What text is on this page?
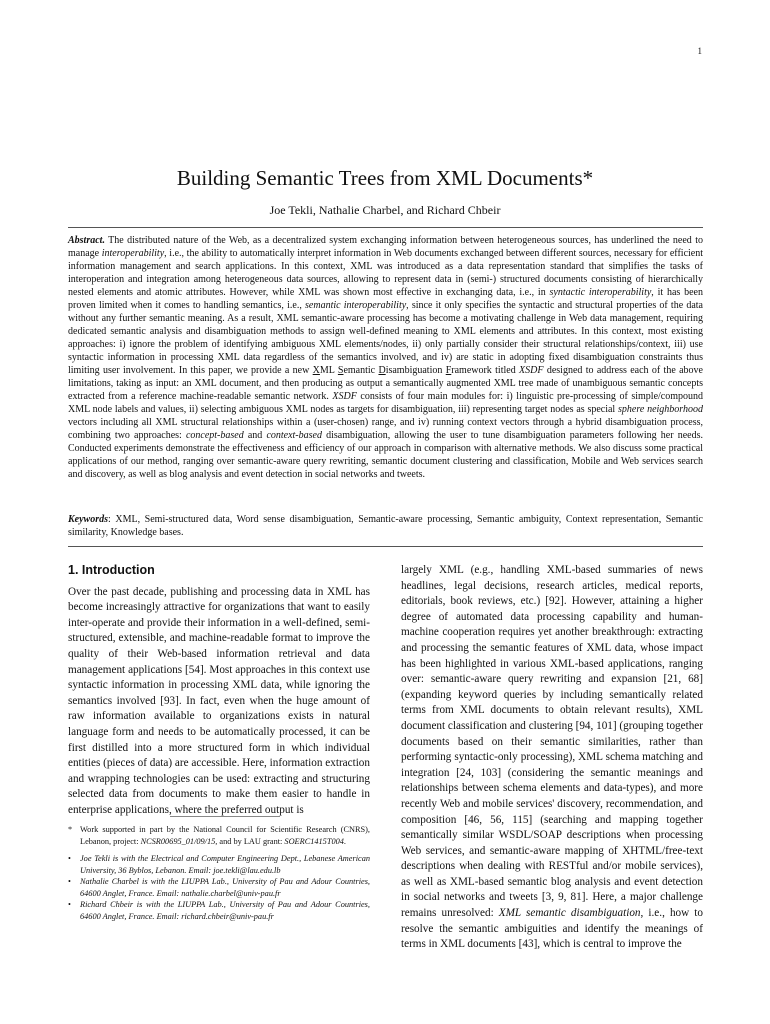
1
Building Semantic Trees from XML Documents*
Joe Tekli, Nathalie Charbel, and Richard Chbeir

Abstract. The distributed nature of the Web, as a decentralized system exchanging information between heterogeneous sources, has underlined the need to manage interoperability, i.e., the ability to automatically interpret information in Web documents exchanged between different sources, necessary for efficient information management and search applications. In this context, XML was introduced as a data representation standard that simplifies the tasks of interoperation and integration among heterogeneous data sources, allowing to represent data in (semi-) structured documents consisting of hierarchically nested elements and atomic attributes. However, while XML was shown most effective in exchanging data, i.e., in syntactic interoperability, it has been proven limited when it comes to handling semantics, i.e., semantic interoperability, since it only specifies the syntactic and structural properties of the data without any further semantic meaning. As a result, XML semantic-aware processing has become a motivating challenge in Web data management, requiring dedicated semantic analysis and disambiguation methods to assign well-defined meaning to XML elements and attributes. In this context, most existing approaches: i) ignore the problem of identifying ambiguous XML elements/nodes, ii) only partially consider their structural relationships/context, iii) use syntactic information in processing XML data regardless of the semantics involved, and iv) are static in adopting fixed disambiguation constraints thus limiting user involvement. In this paper, we provide a new XML Semantic Disambiguation Framework titled XSDF designed to address each of the above limitations, taking as input: an XML document, and then producing as output a semantically augmented XML tree made of unambiguous semantic concepts extracted from a reference machine-readable semantic network. XSDF consists of four main modules for: i) linguistic pre-processing of simple/compound XML node labels and values, ii) selecting ambiguous XML nodes as targets for disambiguation, iii) representing target nodes as special sphere neighborhood vectors including all XML structural relationships within a (user-chosen) range, and iv) running context vectors through a hybrid disambiguation process, combining two approaches: concept-based and context-based disambiguation, allowing the user to tune disambiguation parameters following her needs. Conducted experiments demonstrate the effectiveness and efficiency of our approach in comparison with alternative methods. We also discuss some practical applications of our method, ranging over semantic-aware query rewriting, semantic document clustering and classification, Mobile and Web services search and discovery, as well as blog analysis and event detection in social networks and tweets.

Keywords: XML, Semi-structured data, Word sense disambiguation, Semantic-aware processing, Semantic ambiguity, Context representation, Semantic similarity, Knowledge bases.

1. Introduction

Over the past decade, publishing and processing data in XML has become increasingly attractive for organizations that want to easily inter-operate and provide their information in a well-defined, semi-structured, extensible, and machine-readable format to improve the quality of their Web-based information retrieval and data management applications [54]. Most approaches in this context use syntactic information in processing XML data, while ignoring the semantics involved [93]. In fact, even when the huge amount of raw information available to organizations exists in natural language form and needs to be automatically processed, it can be first distilled into a more structured form in which individual entities (pieces of data) are accessible. Here, information extraction and wrapping technologies can be used: extracting and structuring selected data from documents to make them easier to handle in enterprise applications, where the preferred output is

largely XML (e.g., handling XML-based summaries of news headlines, legal decisions, research articles, medical reports, editorials, book reviews, etc.) [92]. However, attaining a higher degree of automated data processing capability and human-machine cooperation requires yet another breakthrough: extracting and processing the semantic features of XML data, whose impact has been highlighted in various XML-based applications, ranging over: semantic-aware query rewriting and expansion [21, 68] (expanding keyword queries by including semantically related terms from XML documents to obtain relevant results), XML document classification and clustering [94, 101] (grouping together documents based on their semantic similarities, rather than performing syntactic-only processing), XML schema matching and integration [24, 103] (considering the semantic meanings and relationships between schema elements and data-types), and more recently Web and mobile services' discovery, recommendation, and composition [46, 56, 115] (searching and mapping together semantically similar WSDL/SOAP descriptions when processing Web services, and semantic-aware mapping of XHTML/free-text descriptions when dealing with RESTful and/or mobile services), as well as XML-based semantic blog analysis and event detection in social networks and tweets [3, 9, 81]. Here, a major challenge remains unresolved: XML semantic disambiguation, i.e., how to resolve the semantic ambiguities and identify the meanings of terms in XML documents [43], which is central to improve the

* Work supported in part by the National Council for Scientific Research (CNRS), Lebanon, project: NCSR00695_01/09/15, and by LAU grant: SOERC1415T004.

• Joe Tekli is with the Electrical and Computer Engineering Dept., Lebanese American University, 36 Byblos, Lebanon. Email: joe.tekli@lau.edu.lb

• Nathalie Charbel is with the LIUPPA Lab., University of Pau and Adour Countries, 64600 Anglet, France. Email: nathalie.charbel@univ-pau.fr

• Richard Chbeir is with the LIUPPA Lab., University of Pau and Adour Countries, 64600 Anglet, France. Email: richard.chbeir@univ-pau.fr
